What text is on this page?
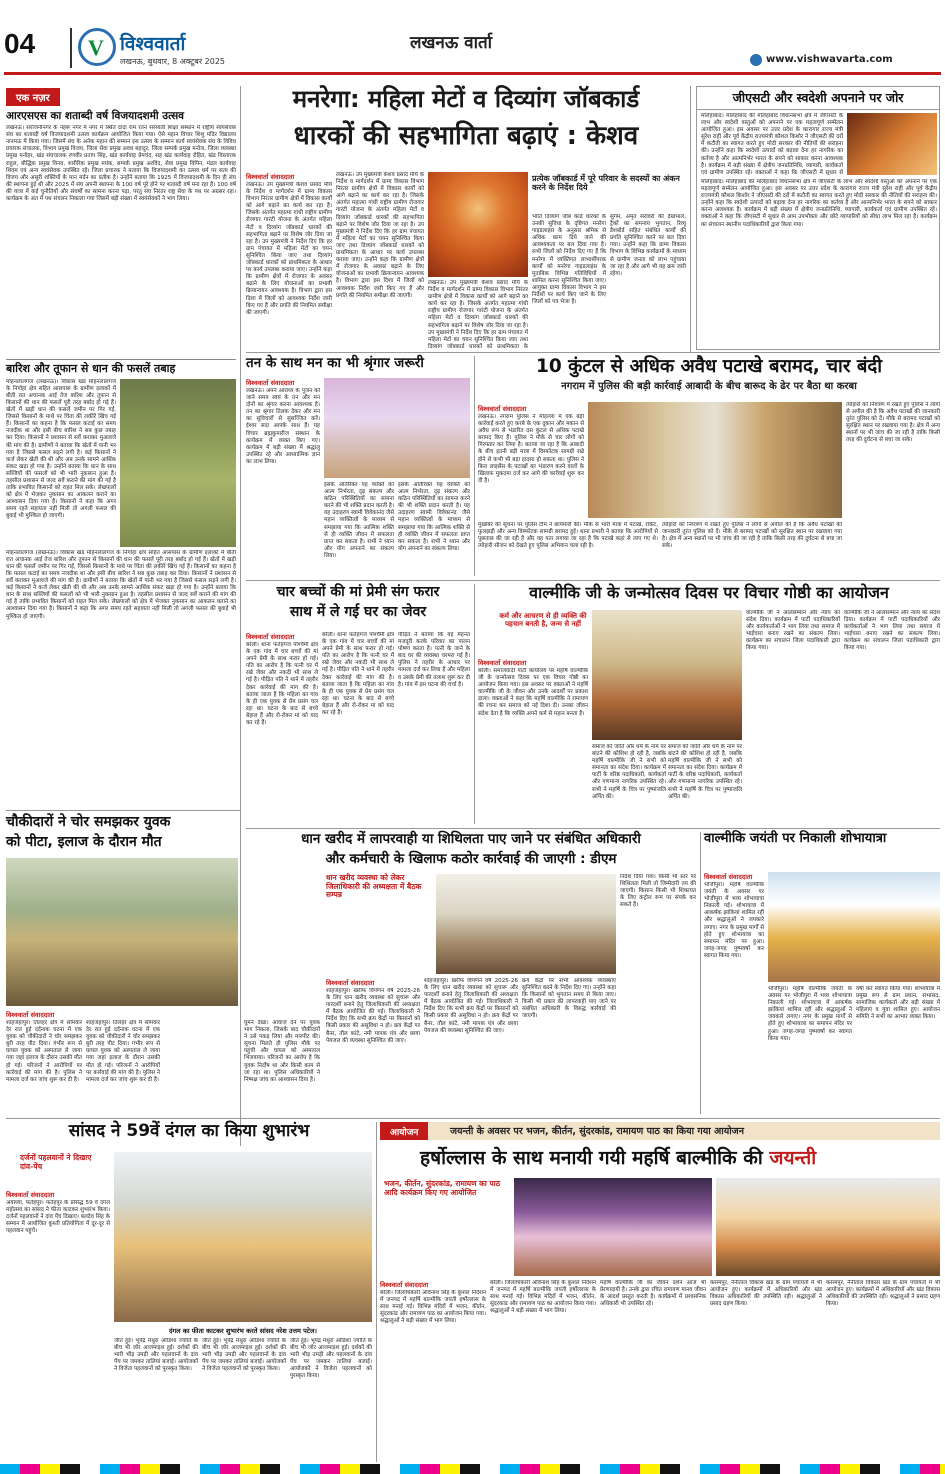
04 V विश्ववार्ता
लखनऊ, बुधवार, 8 अक्टूबर 2025
लखनऊ वार्ता
www.vishwavarta.com
एक नज़र
आरएसएस का शताब्दी वर्ष विजयादशमी उत्सव
लखनऊ। सरोजनीनगर के नेहरू नगर में नगर में स्थित दादा राम रतन सरस्वती शिक्षा संस्थान में राष्ट्रीय स्वयंसेवक संघ का शताब्दी वर्ष विजयादशमी उत्सव कार्यक्रम आयोजित किया गया। ऐसे महान विचार शिशु मंदिर विद्यालय नानमऊ में किया गया। जिसमें संघ के अनेक महान की सम्मान इस उत्सव के सम्मान कार्य स्वयंसेवक संघ के विविध प्रचारक संचालक, विभाग प्रमुख विजय, जिला सेवा प्रमुख अवध बहादुर, जिला सम्पर्क प्रमुख मनोज, जिला व्यवस्था प्रमुख मनोहर, खंड संघचालक रणवीर प्रताप सिंह, खंड कार्यवाह प्रेमचंद, सह खंड कार्यवाह रोहित, खंड विस्तारक राहुल, बौद्धिक प्रमुख विनय, शारीरिक प्रमुख मयंक, सम्पर्क प्रमुख अरविंद, सेवा प्रमुख विपिन, मंडल कार्यवाह शिवम एवं अन्य स्वयंसेवक उपस्थित रहे। जिला प्रचारक ने बताया कि विजयादशमी का उत्सव धर्म पर सत्य की विजय और असुरी शक्तियों के मान मर्दन का प्रतीक है। उन्होंने बताया कि 1925 में विजयादशमी के दिन ही संघ की स्थापना हुई थी और 2025 में संघ अपनी स्थापना के 100 वर्ष पूरे होने पर शताब्दी वर्ष मना रहा है। 100 वर्ष की यात्रा में कई चुनौतियों और संघर्षों का सामना करना पड़ा, परंतु संघ निरंतर राष्ट्र सेवा के पथ पर अग्रसर रहा। कार्यक्रम के अंत में पथ संचलन निकाला गया जिसमें बड़ी संख्या में स्वयंसेवकों ने भाग लिया।
बारिश और तूफान से धान की फसलें तबाह
मोहनलालगंज (लखनऊ)। विकास खंड मोहनलालगंज के निगोहां क्षेत्र सहित आसपास के ग्रामीण इलाकों में बीती रात अचानक आई तेज बारिश और तूफान से किसानों की धान की फसलें पूरी तरह बर्बाद हो गई हैं। खेतों में खड़ी धान की फसलें जमीन पर गिर गईं, जिससे किसानों के माथे पर चिंता की लकीरें खिंच गई हैं। किसानों का कहना है कि फसल कटाई का समय नजदीक था और इसी बीच बारिश ने सब कुछ तबाह कर दिया। किसानों ने प्रशासन से सर्वे कराकर मुआवजे की मांग की है। ग्रामीणों ने बताया कि खेतों में पानी भर गया है जिससे फसल सड़ने लगी है। कई किसानों ने कर्ज लेकर खेती की थी और अब उनके सामने आर्थिक संकट खड़ा हो गया है। उन्होंने बताया कि धान के साथ सब्जियों की फसलों को भी भारी नुकसान हुआ है। तहसील प्रशासन से जल्द सर्वे कराने की मांग की गई है ताकि प्रभावित किसानों को राहत मिल सके। लेखपालों को क्षेत्र में भेजकर नुकसान का आकलन कराने का आश्वासन दिया गया है। किसानों ने कहा कि अगर समय रहते सहायता नहीं मिली तो अगली फसल की बुवाई भी मुश्किल हो जाएगी।
मोहनलालगंज (लखनऊ)। विकास खंड मोहनलालगंज के निगोहां क्षेत्र सहित आसपास के ग्रामीण इलाकों में बीती रात अचानक आई तेज बारिश और तूफान से किसानों की धान की फसलें पूरी तरह बर्बाद हो गई हैं। खेतों में खड़ी धान की फसलें जमीन पर गिर गईं, जिससे किसानों के माथे पर चिंता की लकीरें खिंच गई हैं। किसानों का कहना है कि फसल कटाई का समय नजदीक था और इसी बीच बारिश ने सब कुछ तबाह कर दिया। किसानों ने प्रशासन से सर्वे कराकर मुआवजे की मांग की है। ग्रामीणों ने बताया कि खेतों में पानी भर गया है जिससे फसल सड़ने लगी है। कई किसानों ने कर्ज लेकर खेती की थी और अब उनके सामने आर्थिक संकट खड़ा हो गया है। उन्होंने बताया कि धान के साथ सब्जियों की फसलों को भी भारी नुकसान हुआ है। तहसील प्रशासन से जल्द सर्वे कराने की मांग की गई है ताकि प्रभावित किसानों को राहत मिल सके। लेखपालों को क्षेत्र में भेजकर नुकसान का आकलन कराने का आश्वासन दिया गया है। किसानों ने कहा कि अगर समय रहते सहायता नहीं मिली तो अगली फसल की बुवाई भी मुश्किल हो जाएगी।
मनरेगा: महिला मेटों व दिव्यांग जॉबकार्ड
धारकों की सहभागिता बढ़ाएं : केशव
विश्ववार्ता संवाददाता
लखनऊ। उप मुख्यमंत्री केशव प्रसाद मौर्य के निर्देश व मार्गदर्शन में ग्राम्य विकास विभाग निरंतर ग्रामीण क्षेत्रों में विकास कार्यों को आगे बढ़ाने का कार्य कर रहा है। जिसके अंतर्गत महात्मा गांधी राष्ट्रीय ग्रामीण रोजगार गारंटी योजना के अंतर्गत महिला मेटों व दिव्यांग जॉबकार्ड धारकों की सहभागिता बढ़ाने पर विशेष जोर दिया जा रहा है। उप मुख्यमंत्री ने निर्देश दिए कि हर ग्राम पंचायत में महिला मेटों का चयन सुनिश्चित किया जाए तथा दिव्यांग जॉबकार्ड धारकों को प्राथमिकता के आधार पर कार्य उपलब्ध कराया जाए। उन्होंने कहा कि ग्रामीण क्षेत्रों में रोजगार के अवसर बढ़ाने के लिए योजनाओं का प्रभावी क्रियान्वयन आवश्यक है। विभाग द्वारा इस दिशा में जिलों को आवश्यक निर्देश जारी किए गए हैं और प्रगति की नियमित समीक्षा की जाएगी।
लखनऊ। उप मुख्यमंत्री केशव प्रसाद मौर्य के निर्देश व मार्गदर्शन में ग्राम्य विकास विभाग निरंतर ग्रामीण क्षेत्रों में विकास कार्यों को आगे बढ़ाने का कार्य कर रहा है। जिसके अंतर्गत महात्मा गांधी राष्ट्रीय ग्रामीण रोजगार गारंटी योजना के अंतर्गत महिला मेटों व दिव्यांग जॉबकार्ड धारकों की सहभागिता बढ़ाने पर विशेष जोर दिया जा रहा है। उप मुख्यमंत्री ने निर्देश दिए कि हर ग्राम पंचायत में महिला मेटों का चयन सुनिश्चित किया जाए तथा दिव्यांग जॉबकार्ड धारकों को प्राथमिकता के आधार पर कार्य उपलब्ध कराया जाए। उन्होंने कहा कि ग्रामीण क्षेत्रों में रोजगार के अवसर बढ़ाने के लिए योजनाओं का प्रभावी क्रियान्वयन आवश्यक है। विभाग द्वारा इस दिशा में जिलों को आवश्यक निर्देश जारी किए गए हैं और प्रगति की नियमित समीक्षा की जाएगी।
लखनऊ। उप मुख्यमंत्री केशव प्रसाद मौर्य के निर्देश व मार्गदर्शन में ग्राम्य विकास विभाग निरंतर ग्रामीण क्षेत्रों में विकास कार्यों को आगे बढ़ाने का कार्य कर रहा है। जिसके अंतर्गत महात्मा गांधी राष्ट्रीय ग्रामीण रोजगार गारंटी योजना के अंतर्गत महिला मेटों व दिव्यांग जॉबकार्ड धारकों की सहभागिता बढ़ाने पर विशेष जोर दिया जा रहा है। उप मुख्यमंत्री ने निर्देश दिए कि हर ग्राम पंचायत में महिला मेटों का चयन सुनिश्चित किया जाए तथा दिव्यांग जॉबकार्ड धारकों को प्राथमिकता के
प्रत्येक जॉबकार्ड में पूरे परिवार के सदस्यों का अंकन करने के निर्देश दिये
भांति दिव्यांग जॉब कार्ड धारकों के उनकी सुविधा के दृष्टिगत मनरेगा गाइडलाइंस के अनुसार श्रमिक से अधिक काम दिये जाने की आवश्यकता पर बल दिया गया है। सभी जिलों को निर्देश दिए गए हैं कि मनरेगा में व्यक्तिगत लाभार्थीपरक कार्यों को मनरेगा गाइडलाइंस के मुताबिक विभिन्न गतिविधियों में शामिल करना सुनिश्चित किया जाए। आयुक्त ग्राम्य विकास विभाग ने इस निर्देशों पर कार्य किए जाने के लिए जिलों को पत्र भेजा है।
सुगम, अमृत सरोवरों की देखभाल, ट्रैकों का समन्वय भुगतान, रिव्यू डैशबोर्ड सहित संबंधित कार्यों की प्रगति सुनिश्चित करने पर बल दिया गया। उन्होंने कहा कि ग्राम्य विकास विभाग के विभिन्न कार्यक्रमों के माध्यम से ग्रामीण जनता को लाभ पहुंचाया जा रहा है और आगे भी यह क्रम जारी रहेगा।
जीएसटी और स्वदेशी अपनाने पर जोर
मलिहाबाद। मलिहाबाद की मलिहाबाद विधानसभा क्षेत्र में जीएसटी के लाभ और स्वदेशी वस्तुओं को अपनाने पर एक महत्वपूर्ण सम्मेलन आयोजित हुआ। इस अवसर पर उत्तर प्रदेश के कारागार राज्य मंत्री सुरेश राही और पूर्व केंद्रीय राज्यमंत्री कौशल किशोर ने जीएसटी की दरों में कटौती का स्वागत करते हुए मोदी सरकार की नीतियों की सराहना की। उन्होंने कहा कि स्वदेशी उत्पादों को बढ़ावा देना हर नागरिक का कर्तव्य है और आत्मनिर्भर भारत के सपने को साकार करना आवश्यक है। कार्यक्रम में बड़ी संख्या में क्षेत्रीय जनप्रतिनिधि, व्यापारी, कार्यकर्ता एवं ग्रामीण उपस्थित रहे। वक्ताओं ने कहा कि जीएसटी में सुधार से
मलिहाबाद। मलिहाबाद की मलिहाबाद विधानसभा क्षेत्र में जीएसटी के लाभ और स्वदेशी वस्तुओं को अपनाने पर एक महत्वपूर्ण सम्मेलन आयोजित हुआ। इस अवसर पर उत्तर प्रदेश के कारागार राज्य मंत्री सुरेश राही और पूर्व केंद्रीय राज्यमंत्री कौशल किशोर ने जीएसटी की दरों में कटौती का स्वागत करते हुए मोदी सरकार की नीतियों की सराहना की। उन्होंने कहा कि स्वदेशी उत्पादों को बढ़ावा देना हर नागरिक का कर्तव्य है और आत्मनिर्भर भारत के सपने को साकार करना आवश्यक है। कार्यक्रम में बड़ी संख्या में क्षेत्रीय जनप्रतिनिधि, व्यापारी, कार्यकर्ता एवं ग्रामीण उपस्थित रहे। वक्ताओं ने कहा कि जीएसटी में सुधार से आम उपभोक्ता और छोटे व्यापारियों को सीधा लाभ मिल रहा है। कार्यक्रम का संचालन स्थानीय पदाधिकारियों द्वारा किया गया।
तन के साथ मन का भी श्रृंगार जरूरी
विश्ववार्ता संवाददाता
लखनऊ। अपने आराध्य के पूजन को जाने समय स्वयं के तन और मन दोनों का श्रृंगार करना आवश्यक है। तन का श्रृंगार तिलक देकर और मन का सुविचारों से सुसज्जित करें। ईश्वर सदा आपके साथ हैं। यह विचार ब्रह्मकुमारीज संस्थान के कार्यक्रम में व्यक्त किए गए। कार्यक्रम में बड़ी संख्या में श्रद्धालु उपस्थित रहे और आध्यात्मिक ज्ञान का लाभ लिया।
इसके अतिरिक्त यह व्यक्ति को आत्म निर्भरता, दृढ़ संकल्प और कठिन परिस्थितियों का सामना करने की भी शक्ति प्रदान करती है। यह उदाहरण स्वामी विवेकानंद जैसे महान व्यक्तित्वों के माध्यम से समझाया गया कि आत्मिक शक्ति से ही व्यक्ति जीवन में सफलता प्राप्त कर सकता है। सभी ने ध्यान और योग अपनाने का संकल्प लिया।
इसके अतिरिक्त यह व्यक्ति को आत्म निर्भरता, दृढ़ संकल्प और कठिन परिस्थितियों का सामना करने की भी शक्ति प्रदान करती है। यह उदाहरण स्वामी विवेकानंद जैसे महान व्यक्तित्वों के माध्यम से समझाया गया कि आत्मिक शक्ति से ही व्यक्ति जीवन में सफलता प्राप्त कर सकता है। सभी ने ध्यान और योग अपनाने का संकल्प लिया।
10 कुंटल से अधिक अवैध पटाखे बरामद, चार बंदी
नगराम में पुलिस की बड़ी कार्रवाई आबादी के बीच बारूद के ढेर पर बैठा था करबा
विश्ववार्ता संवाददाता
लखनऊ। नगराम पुलिस ने मोहल्ला में एक बड़ी कार्रवाई करते हुए करबे के एक दुकान और मकान से अवैध रूप से भंडारित दस कुंटल से अधिक पटाखे बरामद किए हैं। पुलिस ने मौके से चार लोगों को गिरफ्तार कर लिया है। बताया जा रहा है कि आबादी के बीच इतनी बड़ी मात्रा में विस्फोटक सामग्री रखे होने से कभी भी बड़ा हादसा हो सकता था। पुलिस ने बिना लाइसेंस के पटाखों का भंडारण करने वालों के खिलाफ मुकदमा दर्ज कर आगे की कार्रवाई शुरू कर दी है।
त्योहारों को नियंत्रण में रखते हुए पुलिस ने लोगों से अपील की है कि अवैध पटाखों की जानकारी तुरंत पुलिस को दें। मौके से बरामद पटाखों को सुरक्षित स्थान पर रखवाया गया है। क्षेत्र में अन्य स्थानों पर भी जांच की जा रही है ताकि किसी तरह की दुर्घटना से बचा जा सके।
मुखबिर की सूचना पर पुलिस टीम ने छापेमारी की। मौके से भारी मात्रा में पटाखे, रॉकेट, फुलझड़ी और अन्य विस्फोटक सामग्री बरामद हुई। थाना प्रभारी ने बताया कि आरोपियों से पूछताछ की जा रही है और यह पता लगाया जा रहा है कि पटाखे कहां से लाए गए थे। त्योहारी सीजन को देखते हुए पुलिस अभियान चला रही है।
त्योहारों को नियंत्रण में रखते हुए पुलिस ने लोगों से अपील की है कि अवैध पटाखों की जानकारी तुरंत पुलिस को दें। मौके से बरामद पटाखों को सुरक्षित स्थान पर रखवाया गया है। क्षेत्र में अन्य स्थानों पर भी जांच की जा रही है ताकि किसी तरह की दुर्घटना से बचा जा सके।
चार बच्चों की मां प्रेमी संग फरार
साथ में ले गई घर का जेवर
विश्ववार्ता संवाददाता
बरेली। थाना फतेहगंज पश्चिमी क्षेत्र के एक गांव में चार बच्चों की मां अपने प्रेमी के साथ फरार हो गई। पति का आरोप है कि पत्नी घर में रखे जेवर और नकदी भी साथ ले गई है। पीड़ित पति ने थाने में तहरीर देकर कार्रवाई की मांग की है। बताया जाता है कि महिला का गांव के ही एक युवक से प्रेम प्रसंग चल रहा था। घटना के बाद से बच्चे बेहाल हैं और रो-रोकर मां को याद कर रहे हैं।
बरेली। थाना फतेहगंज पश्चिमी क्षेत्र के एक गांव में चार बच्चों की मां अपने प्रेमी के साथ फरार हो गई। पति का आरोप है कि पत्नी घर में रखे जेवर और नकदी भी साथ ले गई है। पीड़ित पति ने थाने में तहरीर देकर कार्रवाई की मांग की है। बताया जाता है कि महिला का गांव के ही एक युवक से प्रेम प्रसंग चल रहा था। घटना के बाद से बच्चे बेहाल हैं और रो-रोकर मां को याद कर रहे हैं।
पीड़ित ने बताया कि वह मेहनत मजदूरी करके परिवार का पालन पोषण करता है। पत्नी के जाने के बाद घर की व्यवस्था चरमरा गई है। पुलिस ने तहरीर के आधार पर मामला दर्ज कर लिया है और महिला व उसके प्रेमी की तलाश शुरू कर दी है। गांव में इस घटना की चर्चा है।
वाल्मीकि जी के जन्मोत्सव दिवस पर विचार गोष्ठी का आयोजन
कर्म और आचरण से ही व्यक्ति की पहचान बनती है, जन्म से नहीं
विश्ववार्ता संवाददाता
बरेली। समाजवादी पार्टी कार्यालय पर महर्षि वाल्मीकि जी के जन्मोत्सव दिवस पर एक विचार गोष्ठी का आयोजन किया गया। इस अवसर पर वक्ताओं ने महर्षि वाल्मीकि जी के जीवन और उनके आदर्शों पर प्रकाश डाला। वक्ताओं ने कहा कि महर्षि वाल्मीकि ने रामायण की रचना कर समाज को नई दिशा दी। उनका जीवन संदेश देता है कि व्यक्ति अपने कर्म से महान बनता है।
समाज को जाति और धर्म के नाम पर बांटने की कोशिश हो रही है, जबकि महर्षि वाल्मीकि जी ने सभी को समानता का संदेश दिया। कार्यक्रम में पार्टी के वरिष्ठ पदाधिकारी, कार्यकर्ता और गणमान्य नागरिक उपस्थित रहे। सभी ने महर्षि के चित्र पर पुष्पांजलि अर्पित की।
समाज को जाति और धर्म के नाम पर बांटने की कोशिश हो रही है, जबकि महर्षि वाल्मीकि जी ने सभी को समानता का संदेश दिया। कार्यक्रम में पार्टी के वरिष्ठ पदाधिकारी, कार्यकर्ता और गणमान्य नागरिक उपस्थित रहे। सभी ने महर्षि के चित्र पर पुष्पांजलि अर्पित की।
वाल्मीकि जी ने आलसम्मान और न्याय का संदेश दिया। कार्यक्रम में पार्टी पदाधिकारियों और कार्यकर्ताओं ने भाग लिया तथा समाज में भाईचारा बनाए रखने का संकल्प लिया। कार्यक्रम का संचालन जिला पदाधिकारी द्वारा किया गया।
वाल्मीकि जी ने आलसम्मान और न्याय का संदेश दिया। कार्यक्रम में पार्टी पदाधिकारियों और कार्यकर्ताओं ने भाग लिया तथा समाज में भाईचारा बनाए रखने का संकल्प लिया। कार्यक्रम का संचालन जिला पदाधिकारी द्वारा किया गया।
चौकीदारों ने चोर समझकर युवक
को पीटा, इलाज के दौरान मौत
विश्ववार्ता संवाददाता
शाहजहांपुर। तिलहर क्षेत्र में सोमवार देर रात हुई दर्दनाक घटना में एक युवक को चौकीदारों ने चोर समझकर बुरी तरह पीट दिया। गंभीर रूप से घायल युवक को अस्पताल ले जाया गया जहां इलाज के दौरान उसकी मौत हो गई। परिजनों ने आरोपियों पर कार्रवाई की मांग की है। पुलिस ने मामला दर्ज कर जांच शुरू कर दी है।
शाहजहांपुर। तिलहर क्षेत्र में सोमवार देर रात हुई दर्दनाक घटना में एक युवक को चौकीदारों ने चोर समझकर बुरी तरह पीट दिया। गंभीर रूप से घायल युवक को अस्पताल ले जाया गया जहां इलाज के दौरान उसकी मौत हो गई। परिजनों ने आरोपियों पर कार्रवाई की मांग की है। पुलिस ने मामला दर्ज कर जांच शुरू कर दी है।
घूमने देखा। आवाज देने पर युवक भाग निकला, जिसके बाद चौकीदारों ने उसे पकड़ लिया और मारपीट की। सूचना मिलते ही पुलिस मौके पर पहुंची और घायल को अस्पताल भिजवाया। परिजनों का आरोप है कि युवक निर्दोष था और किसी काम से जा रहा था। पुलिस अधिकारियों ने निष्पक्ष जांच का आश्वासन दिया है।
धान खरीद में लापरवाही या शिथिलता पाए जाने पर संबंधित अधिकारी
और कर्मचारी के खिलाफ कठोर कार्रवाई की जाएगी : डीएम
धान खरीद व्यवस्था को लेकर जिलाधिकारी की अध्यक्षता में बैठक सम्पन्न
निर्देश दिया गया। किसी भी स्तर पर शिथिलता मिली तो जिम्मेदारी तय की जाएगी। किसान किसी भी शिकायत के लिए कंट्रोल रूम पर संपर्क कर सकते हैं।
विश्ववार्ता संवाददाता
शाहजहांपुर। खरीफ विपणन वर्ष 2025-26 के लिए धान खरीद व्यवस्था को सुचारू और पारदर्शी बनाने हेतु जिलाधिकारी की अध्यक्षता में बैठक आयोजित की गई। जिलाधिकारी ने निर्देश दिए कि सभी क्रय केंद्रों पर किसानों को किसी प्रकार की असुविधा न हो। क्रय केंद्रों पर बैनर, तौल कांटे, नमी मापक यंत्र और छाया पेयजल की व्यवस्था सुनिश्चित की जाए।
शाहजहांपुर। खरीफ विपणन वर्ष 2025-26 के लिए धान खरीद व्यवस्था को सुचारू और पारदर्शी बनाने हेतु जिलाधिकारी की अध्यक्षता में बैठक आयोजित की गई। जिलाधिकारी ने निर्देश दिए कि सभी क्रय केंद्रों पर किसानों को किसी प्रकार की असुविधा न हो। क्रय केंद्रों पर बैनर, तौल कांटे, नमी मापक यंत्र और छाया पेयजल की व्यवस्था सुनिश्चित की जाए।
क्रय केंद्रों पर सभी आवश्यक व्यवस्थाएं सुनिश्चित करने के निर्देश दिए गए। उन्होंने कहा कि किसानों को भुगतान समय से किया जाए। किसी भी प्रकार की लापरवाही पाए जाने पर संबंधित अधिकारी के विरुद्ध कार्रवाई की जाएगी।
वाल्मीकि जयंती पर निकाली शोभायात्रा
विश्ववार्ता संवाददाता
भोजीपुरा। महर्षि वाल्मीकि जयंती के अवसर पर भोजीपुरा में भव्य शोभायात्रा निकाली गई। शोभायात्रा में आकर्षक झांकियां शामिल रहीं और श्रद्धालुओं ने जयकारे लगाए। नगर के प्रमुख मार्गों से होते हुए शोभायात्रा का समापन मंदिर पर हुआ। जगह-जगह पुष्पवर्षा कर स्वागत किया गया।
भोजीपुरा। महर्षि वाल्मीकि जयंती के अवसर पर भोजीपुरा में भव्य शोभायात्रा निकाली गई। शोभायात्रा में आकर्षक झांकियां शामिल रहीं और श्रद्धालुओं ने जयकारे लगाए। नगर के प्रमुख मार्गों से होते हुए शोभायात्रा का समापन मंदिर पर हुआ। जगह-जगह पुष्पवर्षा कर स्वागत किया गया।
वर्षा कर स्वागत किया गया। शोभायात्रा में प्रमुख रूप से ग्राम प्रधान, सभासद, सामाजिक कार्यकर्ता और बड़ी संख्या में महिलाएं व युवा शामिल हुए। आयोजन समिति ने सभी का आभार व्यक्त किया।
सांसद ने 59वें दंगल का किया शुभारंभ
दर्जनों पहलवानों ने दिखाए दांव-पेंच
विश्ववार्ता संवाददाता
अयोध्या, फतेहपुर। फतेहपुर के प्रसिद्ध 59 वें दंगल महोत्सव का सांसद ने फीता काटकर शुभारंभ किया। दर्जनों पहलवानों ने दांव पेंच दिखाए। बलदेव सिंह के सम्मान में आयोजित कुश्ती प्रतियोगिता में दूर-दूर से पहलवान पहुंचे।
दंगल का फीता काटकर शुभारंभ करते सांसद नरेश उत्तम पटेल।
जीत हुई। भूपेंद्र मथुरा ओडिशा ज्योति के बीच भी जोर आजमाइश हुई। दर्शकों की भारी भीड़ उमड़ी और पहलवानों के दांव पेंच पर जमकर तालियां बजाईं। आयोजकों ने विजेता पहलवानों को पुरस्कृत किया।
जीत हुई। भूपेंद्र मथुरा ओडिशा ज्योति के बीच भी जोर आजमाइश हुई। दर्शकों की भारी भीड़ उमड़ी और पहलवानों के दांव पेंच पर जमकर तालियां बजाईं। आयोजकों ने विजेता पहलवानों को पुरस्कृत किया।
जीत हुई। भूपेंद्र मथुरा ओडिशा ज्योति के बीच भी जोर आजमाइश हुई। दर्शकों की भारी भीड़ उमड़ी और पहलवानों के दांव पेंच पर जमकर तालियां बजाईं। आयोजकों ने विजेता पहलवानों को पुरस्कृत किया।
आयोजन	जयन्ती के अवसर पर भजन, कीर्तन, सुंदरकांड, रामायण पाठ का किया गया आयोजन
हर्षोल्लास के साथ मनायी गयी महर्षि बाल्मीकि की जयन्ती
भजन, कीर्तन, सुंदरकांड, रामायण का पाठ आदि कार्यक्रम किए गए आयोजित
विश्ववार्ता संवाददाता
बरेली। जिलाधिकारी अविनाश सिंह के कुशल निर्देशन में जनपद में महर्षि बाल्मीकि जयंती हर्षोल्लास के साथ मनाई गई। विभिन्न मंदिरों में भजन, कीर्तन, सुंदरकांड और रामायण पाठ का आयोजन किया गया। श्रद्धालुओं ने बड़ी संख्या में भाग लिया।
बरेली। जिलाधिकारी अविनाश सिंह के कुशल निर्देशन में जनपद में महर्षि बाल्मीकि जयंती हर्षोल्लास के साथ मनाई गई। विभिन्न मंदिरों में भजन, कीर्तन, सुंदरकांड और रामायण पाठ का आयोजन किया गया। श्रद्धालुओं ने बड़ी संख्या में भाग लिया।
महर्षि वाल्मीकि जी का जीवन दर्शन आज भी प्रेरणादायी है। उनके द्वारा रचित रामायण मानव जीवन के आदर्श प्रस्तुत करती है। कार्यक्रमों में प्रशासनिक अधिकारी भी उपस्थित रहे।
कसमपुर, नैनीताल विकास खंड के ग्राम पंचायतों में भी आयोजन हुए। कार्यक्रमों में अधिकारियों और खंड विकास अधिकारियों की उपस्थिति रही। श्रद्धालुओं ने प्रसाद ग्रहण किया।
कसमपुर, नैनीताल विकास खंड के ग्राम पंचायतों में भी आयोजन हुए। कार्यक्रमों में अधिकारियों और खंड विकास अधिकारियों की उपस्थिति रही। श्रद्धालुओं ने प्रसाद ग्रहण किया।
